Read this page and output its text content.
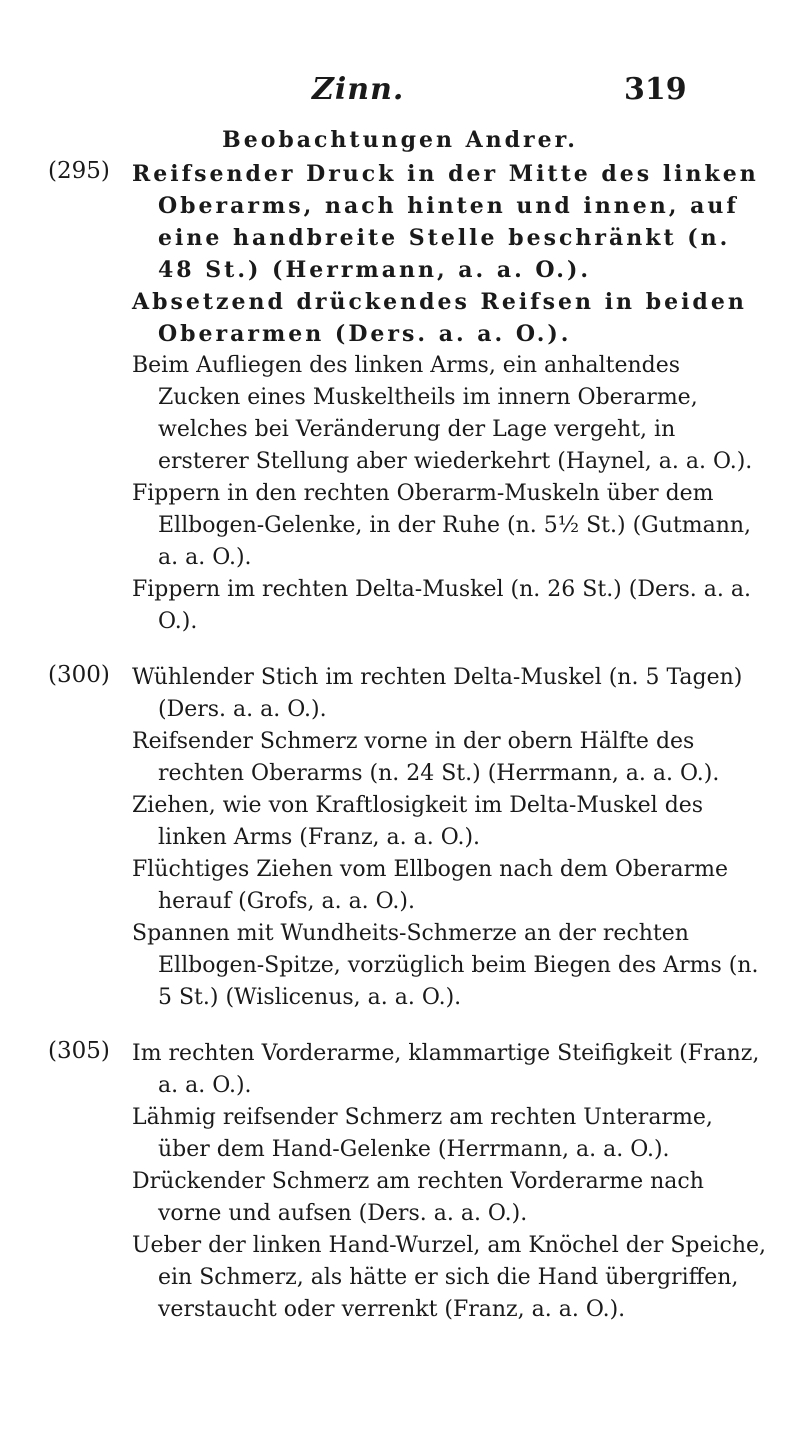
Zinn.	319
Beobachtungen Andrer.
(295) Reifsender Druck in der Mitte des linken Oberarms, nach hinten und innen, auf eine handbreite Stelle beschränkt (n. 48 St.) (Herrmann, a. a. O.).

Absetzend drückendes Reifsen in beiden Oberarmen (Ders. a. a. O.).

Beim Aufliegen des linken Arms, ein anhaltendes Zucken eines Muskeltheils im innern Oberarme, welches bei Veränderung der Lage vergeht, in ersterer Stellung aber wiederkehrt (Haynel, a. a. O.).

Fippern in den rechten Oberarm-Muskeln über dem Ellbogen-Gelenke, in der Ruhe (n. 5½ St.) (Gutmann, a. a. O.).

Fippern im rechten Delta-Muskel (n. 26 St.) (Ders. a. a. O.).

(300) Wühlender Stich im rechten Delta-Muskel (n. 5 Tagen) (Ders. a. a. O.).

Reifsender Schmerz vorne in der obern Hälfte des rechten Oberarms (n. 24 St.) (Herrmann, a. a. O.).

Ziehen, wie von Kraftlosigkeit im Delta-Muskel des linken Arms (Franz, a. a. O.).

Flüchtiges Ziehen vom Ellbogen nach dem Oberarme herauf (Grofs, a. a. O.).

Spannen mit Wundheits-Schmerze an der rechten Ellbogen-Spitze, vorzüglich beim Biegen des Arms (n. 5 St.) (Wislicenus, a. a. O.).

(305) Im rechten Vorderarme, klammartige Steifigkeit (Franz, a. a. O.).

Lähmig reifsender Schmerz am rechten Unterarme, über dem Hand-Gelenke (Herrmann, a. a. O.).

Drückender Schmerz am rechten Vorderarme nach vorne und aufsen (Ders. a. a. O.).

Ueber der linken Hand-Wurzel, am Knöchel der Speiche, ein Schmerz, als hätte er sich die Hand übergriffen, verstaucht oder verrenkt (Franz, a. a. O.).
